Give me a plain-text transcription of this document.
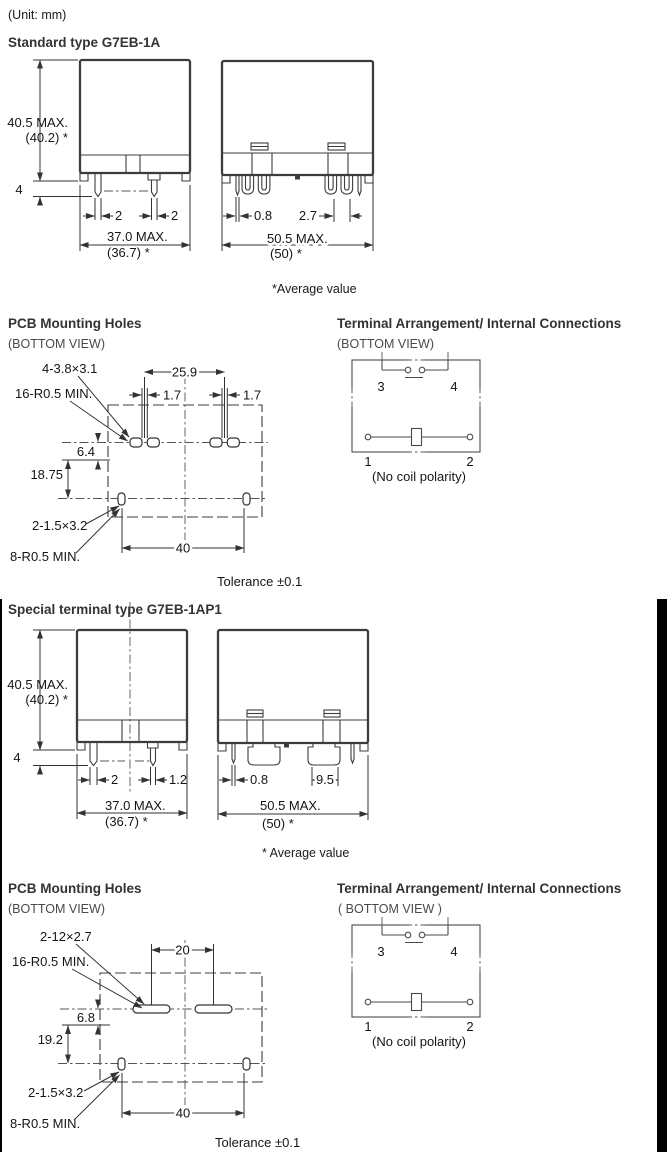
(Unit: mm)
Standard type G7EB-1A
40.5 MAX.
(40.2) *
4
2	2
37.0 MAX.
(36.7) *
0.8 2.7
50.5 MAX.
(50) *
*Average value
PCB Mounting Holes
(BOTTOM VIEW)
4-3.8×3.1
16-R0.5 MIN.
2-1.5×3.2
8-R0.5 MIN.
Tolerance ±0.1
25.9
1.7	1.7
6.4
18.75
40
Terminal Arrangement/ Internal Connections
(BOTTOM VIEW)
3	4
1	2
(No coil polarity)
Special terminal type G7EB-1AP1
40.5 MAX.
(40.2) *
4
2	1.2
37.0 MAX.
(36.7) *
0.8	9.5
50.5 MAX.
(50) *
* Average value
PCB Mounting Holes
(BOTTOM VIEW)
2-12×2.7
16-R0.5 MIN.
2-1.5×3.2
8-R0.5 MIN.
Tolerance ±0.1
20
6.8
19.2
40
Terminal Arrangement/ Internal Connections
( BOTTOM VIEW )
3	4
1	2
(No coil polarity)
